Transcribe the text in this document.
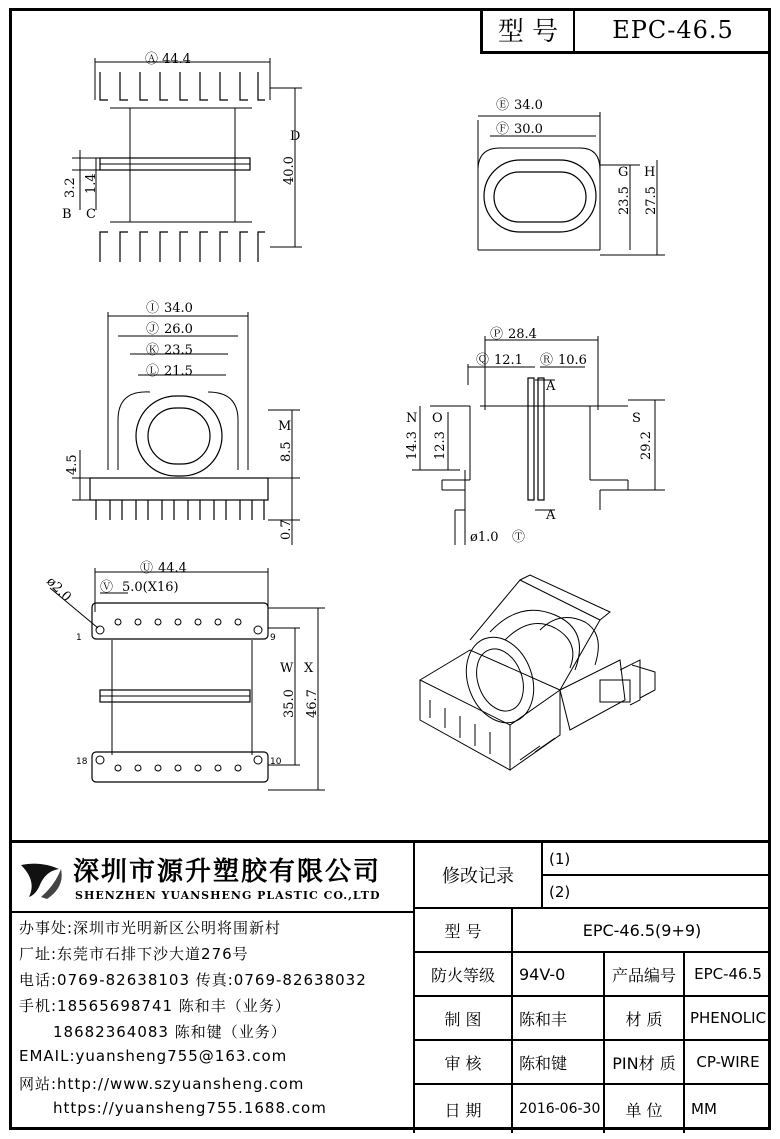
型 号	EPC-46.5
Ⓐ 44.4
D
40.0
3.2 1.4
B C
Ⓔ 34.0
Ⓕ 30.0
G H
23.5 27.5
Ⓘ 34.0
Ⓙ 26.0
Ⓚ 23.5
Ⓛ 21.5
M
8.5
0.7
4.5
Ⓟ 28.4
Ⓠ 12.1 Ⓡ 10.6
A
A
N O
14.3 12.3
S
29.2
ø1.0 Ⓣ
Ⓤ 44.4
Ⓥ 5.0(X16)
ø2.0
1	9
18	10
W X
35.0 46.7
深圳市源升塑胶有限公司
SHENZHEN YUANSHENG PLASTIC CO.,LTD
办事处:深圳市光明新区公明将围新村
厂址:东莞市石排下沙大道276号
电话:0769-82638103 传真:0769-82638032
手机:18565698741 陈和丰（业务）
18682364083 陈和键（业务）
EMAIL:yuansheng755@163.com
网站:http://www.szyuansheng.com
https://yuansheng755.1688.com
修改记录
(1)
(2)
型 号	EPC-46.5(9+9)
防火等级	94V-0	产品编号	EPC-46.5
制 图	陈和丰	材 质	PHENOLIC
审 核	陈和键	PIN材 质	CP-WIRE
日 期	2016-06-30	单 位	MM
